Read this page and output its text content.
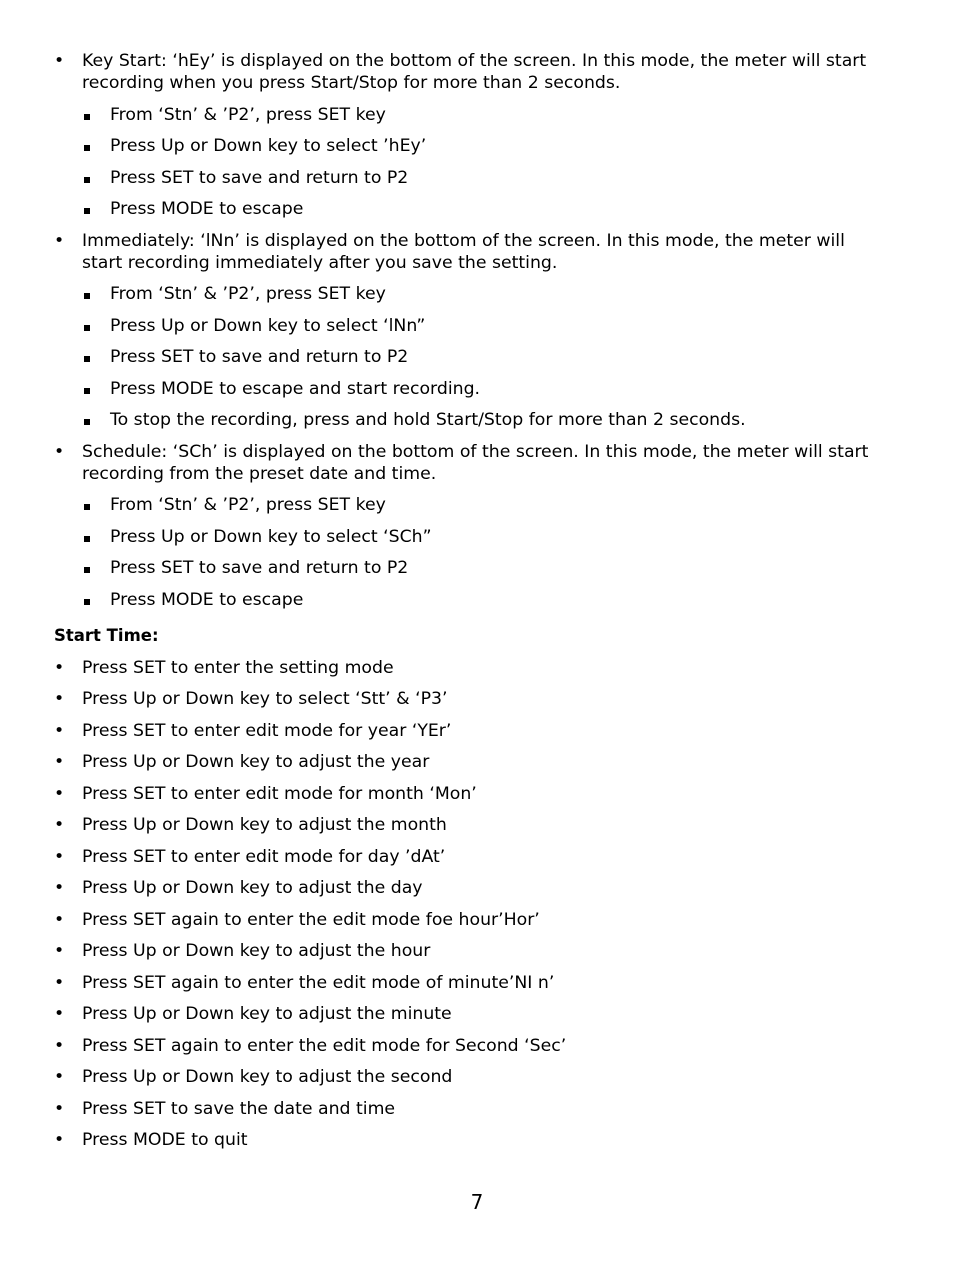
• Key Start: ‘hEy’ is displayed on the bottom of the screen. In this mode, the meter will start recording when you press Start/Stop for more than 2 seconds.
From ‘Stn’ & ’P2’, press SET key
Press Up or Down key to select ’hEy’
Press SET to save and return to P2
Press MODE to escape
• Immediately: ‘lNn’ is displayed on the bottom of the screen. In this mode, the meter will start recording immediately after you save the setting.
From ‘Stn’ & ’P2’, press SET key
Press Up or Down key to select ‘lNn”
Press SET to save and return to P2
Press MODE to escape and start recording.
To stop the recording, press and hold Start/Stop for more than 2 seconds.
• Schedule: ‘SCh’ is displayed on the bottom of the screen. In this mode, the meter will start recording from the preset date and time.
From ‘Stn’ & ’P2’, press SET key
Press Up or Down key to select ‘SCh”
Press SET to save and return to P2
Press MODE to escape
Start Time:
• Press SET to enter the setting mode
• Press Up or Down key to select ‘Stt’ & ‘P3’
• Press SET to enter edit mode for year ‘YEr’
• Press Up or Down key to adjust the year
• Press SET to enter edit mode for month ‘Mon’
• Press Up or Down key to adjust the month
• Press SET to enter edit mode for day ’dAt’
• Press Up or Down key to adjust the day
• Press SET again to enter the edit mode foe hour’Hor’
• Press Up or Down key to adjust the hour
• Press SET again to enter the edit mode of minute’NI n’
• Press Up or Down key to adjust the minute
• Press SET again to enter the edit mode for Second ‘Sec’
• Press Up or Down key to adjust the second
• Press SET to save the date and time
• Press MODE to quit
7
